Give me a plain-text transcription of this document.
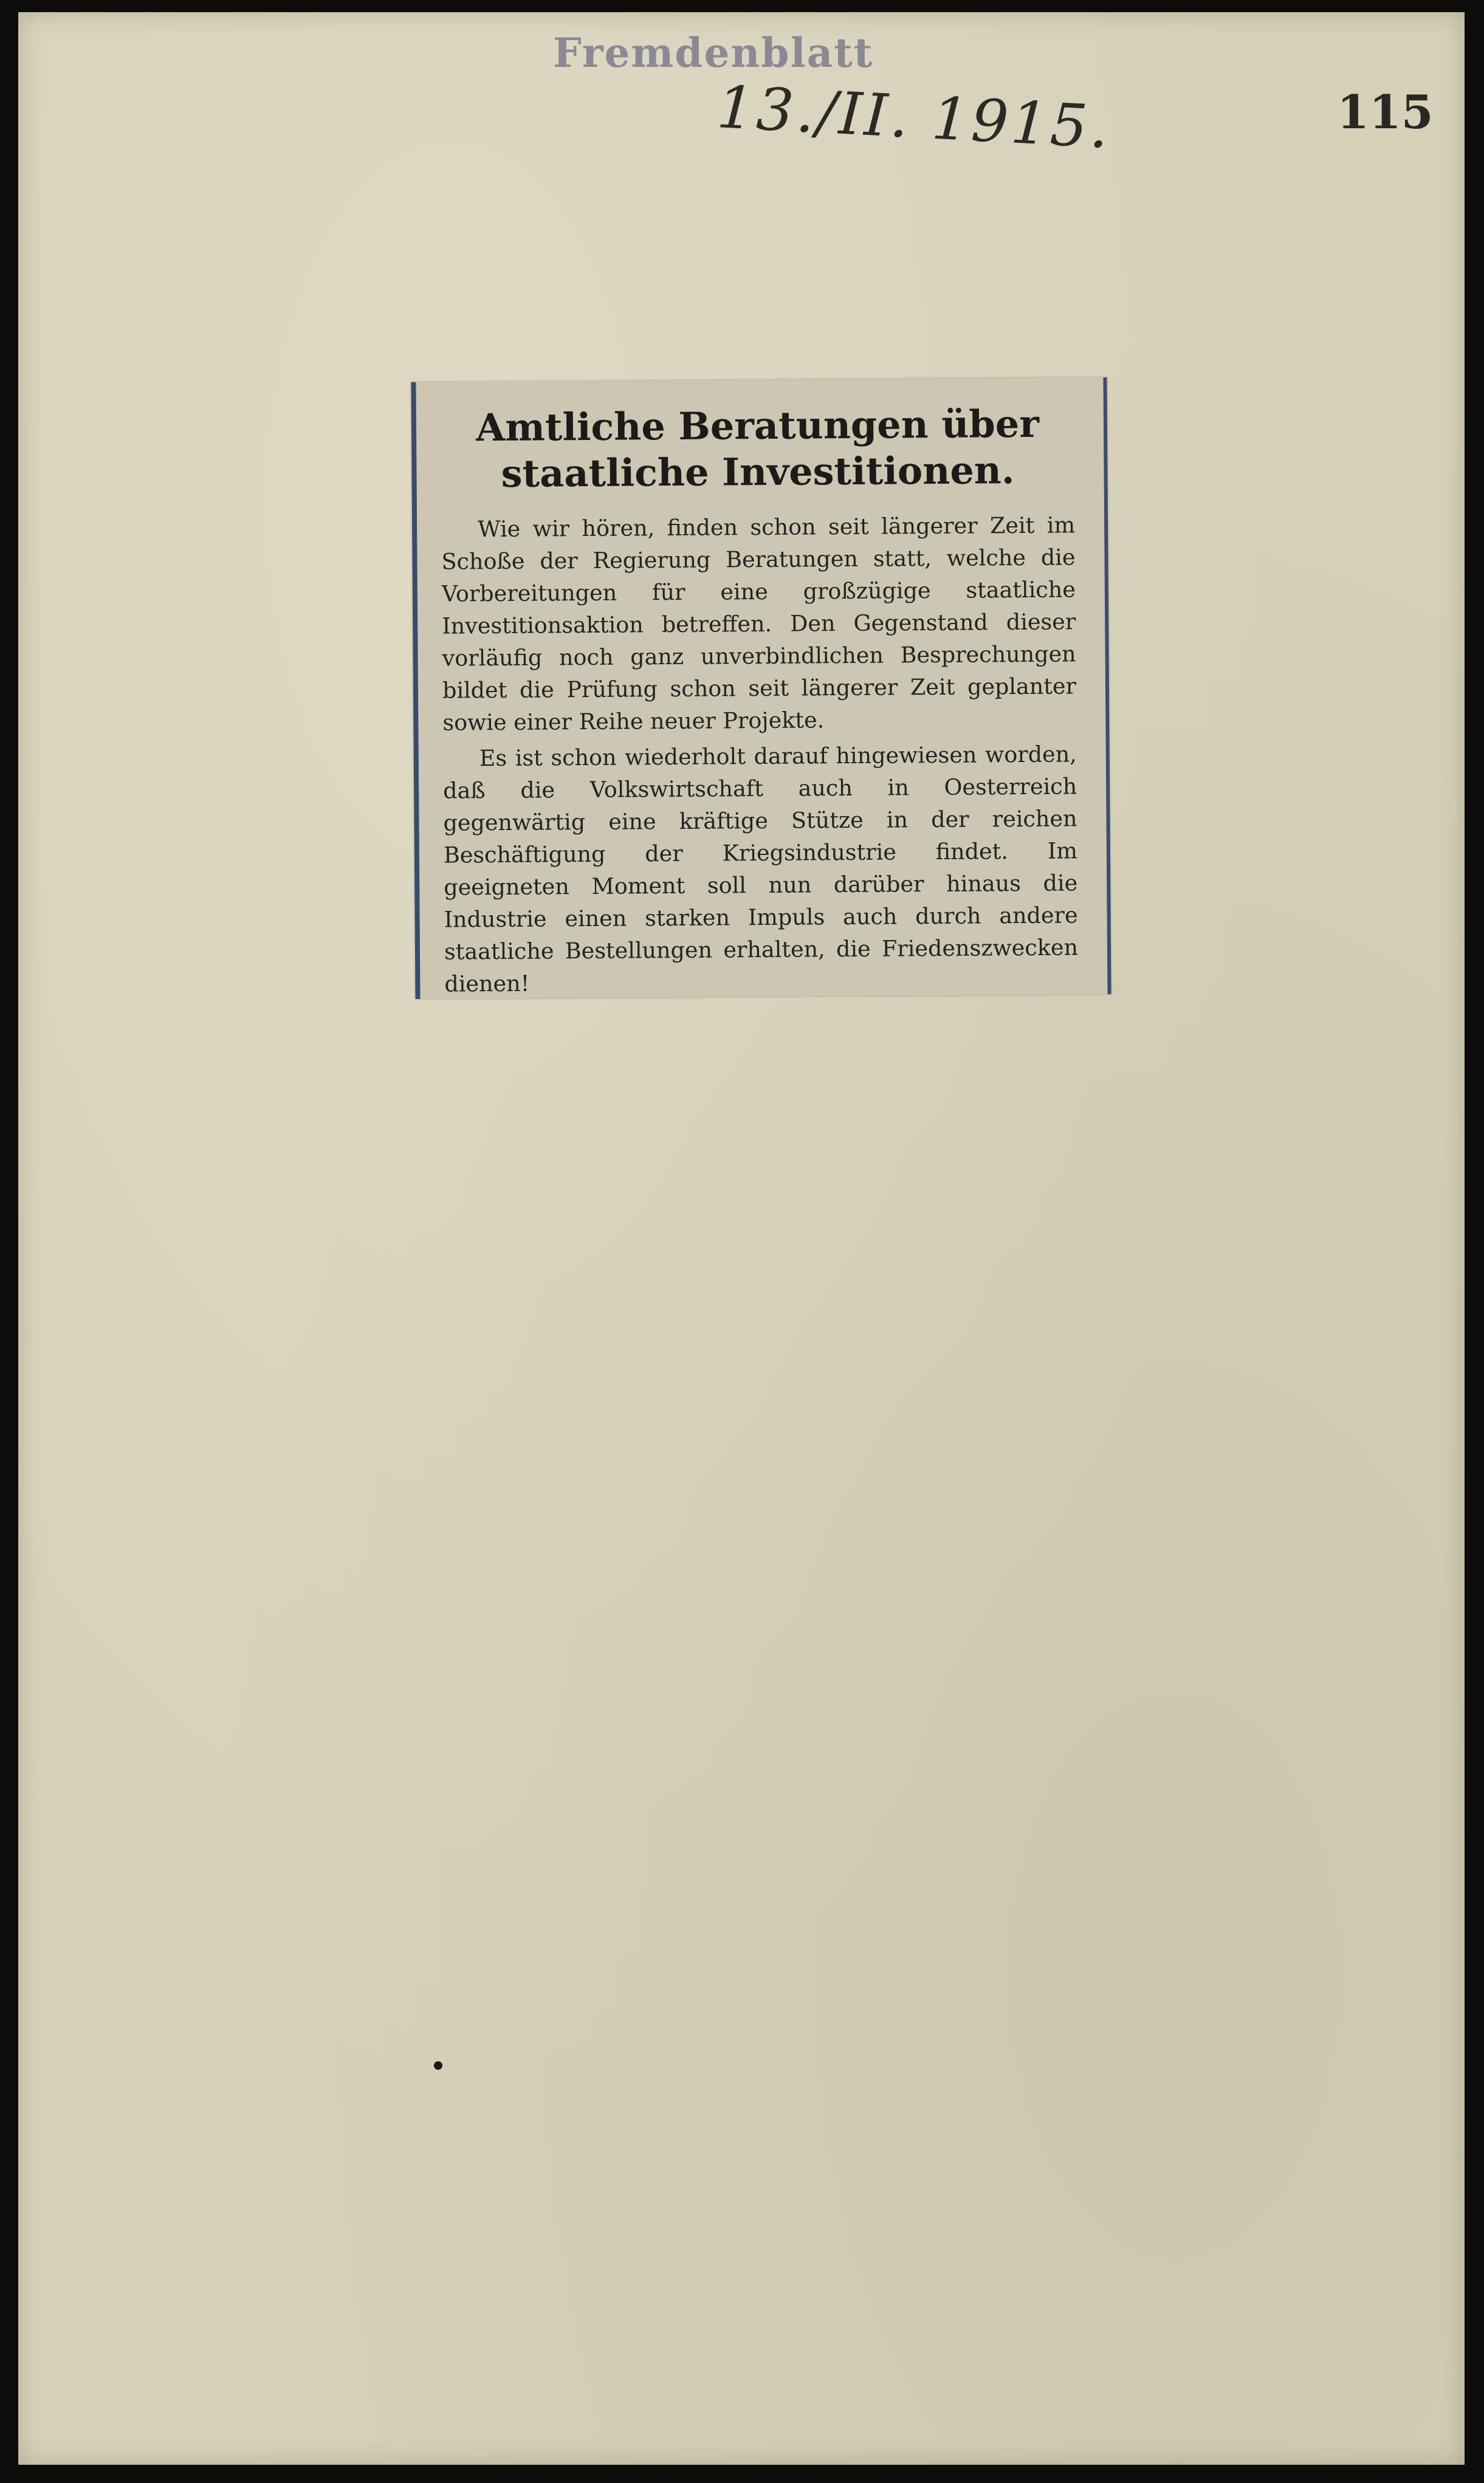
Fremdenblatt
13./II. 1915.	115
Amtliche Beratungen über staatliche Investitionen.

Wie wir hören, finden schon seit längerer Zeit im Schoße der Regierung Beratungen statt, welche die Vorbereitungen für eine großzügige staatliche Investitionsaktion betreffen. Den Gegenstand dieser vorläufig noch ganz unverbindlichen Besprechungen bildet die Prüfung schon seit längerer Zeit geplanter sowie einer Reihe neuer Projekte.

Es ist schon wiederholt darauf hingewiesen worden, daß die Volkswirtschaft auch in Oesterreich gegenwärtig eine kräftige Stütze in der reichen Beschäftigung der Kriegsindustrie findet. Im geeigneten Moment soll nun darüber hinaus die Industrie einen starken Impuls auch durch andere staatliche Bestellungen erhalten, die Friedenszwecken dienen!
